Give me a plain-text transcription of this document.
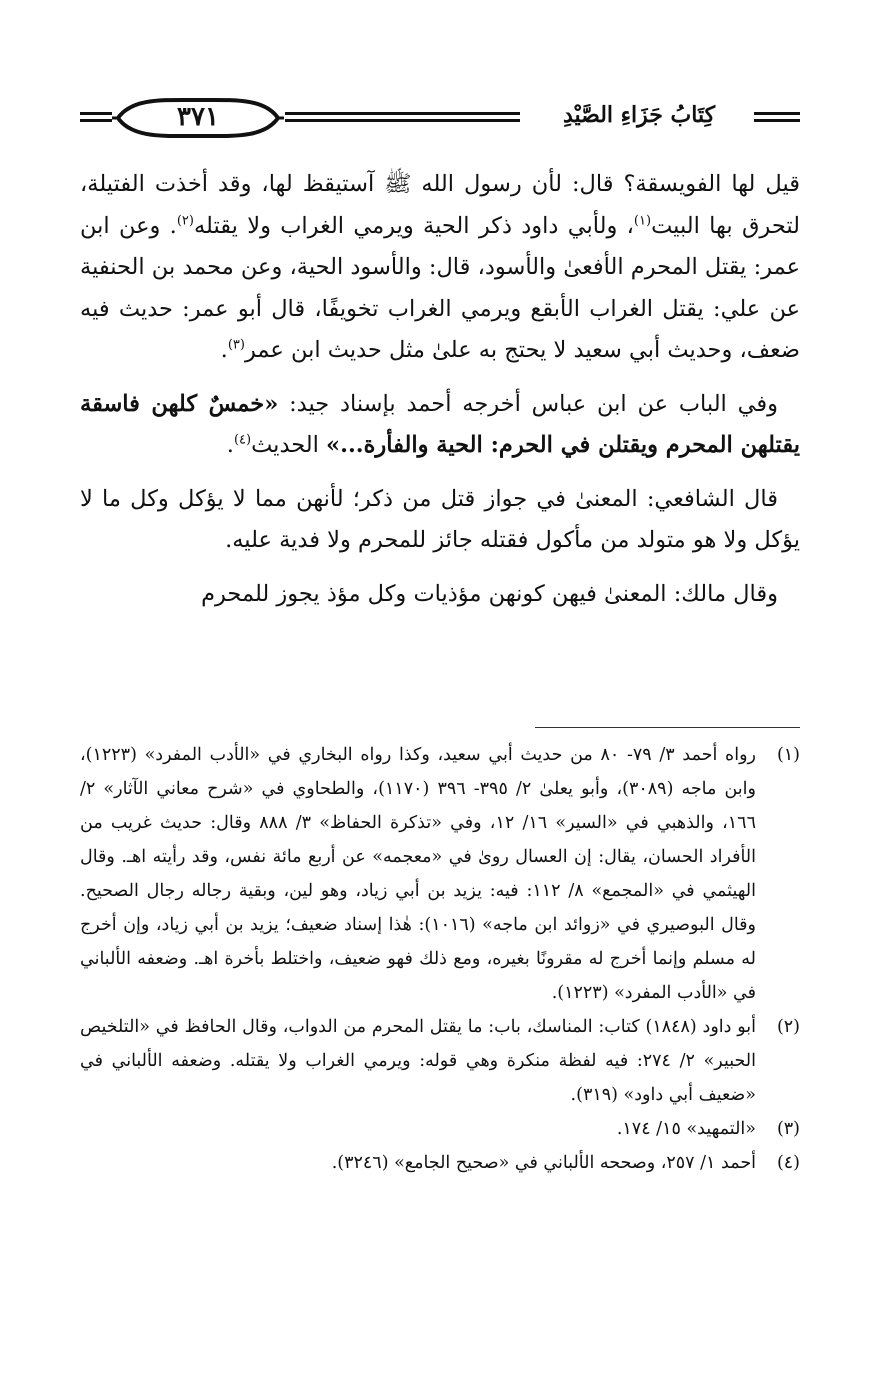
كِتَابُ جَزَاءِ الصَّيْدِ
٣٧١

قيل لها الفويسقة؟ قال: لأن رسول الله ﷺ آستيقظ لها، وقد أخذت الفتيلة، لتحرق بها البيت$^{(١)}$، ولأبي داود ذكر الحية ويرمي الغراب ولا يقتله$^{(٢)}$. وعن ابن عمر: يقتل المحرم الأفعىٰ والأسود، قال: والأسود الحية، وعن محمد بن الحنفية عن علي: يقتل الغراب الأبقع ويرمي الغراب تخويفًا، قال أبو عمر: حديث فيه ضعف، وحديث أبي سعيد لا يحتج به علىٰ مثل حديث ابن عمر$^{(٣)}$.

وفي الباب عن ابن عباس أخرجه أحمد بإسناد جيد: «خمسٌ كلهن فاسقة يقتلهن المحرم ويقتلن في الحرم: الحية والفأرة...» الحديث$^{(٤)}$.

قال الشافعي: المعنىٰ في جواز قتل من ذكر؛ لأنهن مما لا يؤكل وكل ما لا يؤكل ولا هو متولد من مأكول فقتله جائز للمحرم ولا فدية عليه.

وقال مالك: المعنىٰ فيهن كونهن مؤذيات وكل مؤذ يجوز للمحرم

(١)
رواه أحمد ٣/ ٧٩- ٨٠ من حديث أبي سعيد، وكذا رواه البخاري في «الأدب المفرد» (١٢٢٣)، وابن ماجه (٣٠٨٩)، وأبو يعلىٰ ٢/ ٣٩٥- ٣٩٦ (١١٧٠)، والطحاوي في «شرح معاني الآثار» ٢/ ١٦٦، والذهبي في «السير» ١٦/ ١٢، وفي «تذكرة الحفاظ» ٣/ ٨٨٨ وقال: حديث غريب من الأفراد الحسان، يقال: إن العسال روىٰ في «معجمه» عن أربع مائة نفس، وقد رأيته اهـ. وقال الهيثمي في «المجمع» ٨/ ١١٢: فيه: يزيد بن أبي زياد، وهو لين، وبقية رجاله رجال الصحيح. وقال البوصيري في «زوائد ابن ماجه» (١٠١٦): هٰذا إسناد ضعيف؛ يزيد بن أبي زياد، وإن أخرج له مسلم وإنما أخرج له مقرونًا بغيره، ومع ذلك فهو ضعيف، واختلط بأخرة اهـ. وضعفه الألباني في «الأدب المفرد» (١٢٢٣).
(٢)
أبو داود (١٨٤٨) كتاب: المناسك، باب: ما يقتل المحرم من الدواب، وقال الحافظ في «التلخيص الحبير» ٢/ ٢٧٤: فيه لفظة منكرة وهي قوله: ويرمي الغراب ولا يقتله. وضعفه الألباني في «ضعيف أبي داود» (٣١٩).
(٣)
«التمهيد» ١٥/ ١٧٤.
(٤)
أحمد ١/ ٢٥٧، وصححه الألباني في «صحيح الجامع» (٣٢٤٦).
